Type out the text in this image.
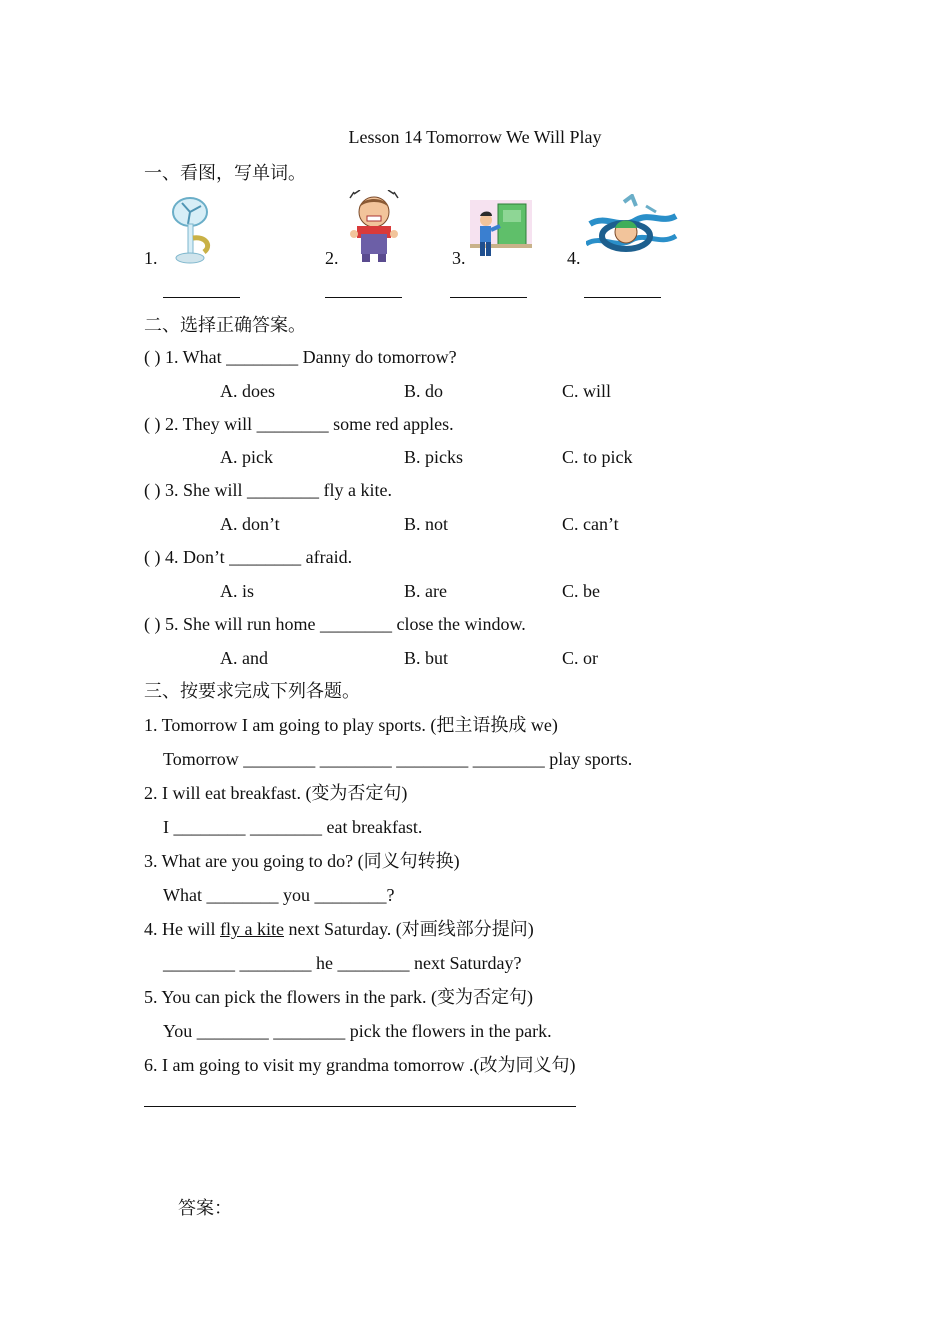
Lesson 14 Tomorrow We Will Play
一、看图，写单词。
1.	2.	3.	4.
二、选择正确答案。
( ) 1. What ________ Danny do tomorrow?
A. does	B. do	C. will
( ) 2. They will ________ some red apples.
A. pick	B. picks	C. to pick
( ) 3. She will ________ fly a kite.
A. don’t	B. not	C. can’t
( ) 4. Don’t ________ afraid.
A. is	B. are	C. be
( ) 5. She will run home ________ close the window.
A. and	B. but	C. or
三、按要求完成下列各题。
1. Tomorrow I am going to play sports. (把主语换成 we)
Tomorrow ________ ________ ________ ________ play sports.
2. I will eat breakfast. (变为否定句)
I ________ ________ eat breakfast.
3. What are you going to do? (同义句转换)
What ________ you ________?
4. He will fly a kite next Saturday. (对画线部分提问)
________ ________ he ________ next Saturday?
5. You can pick the flowers in the park. (变为否定句)
You ________ ________ pick the flowers in the park.
6. I am going to visit my grandma tomorrow .(改为同义句)
答案：
